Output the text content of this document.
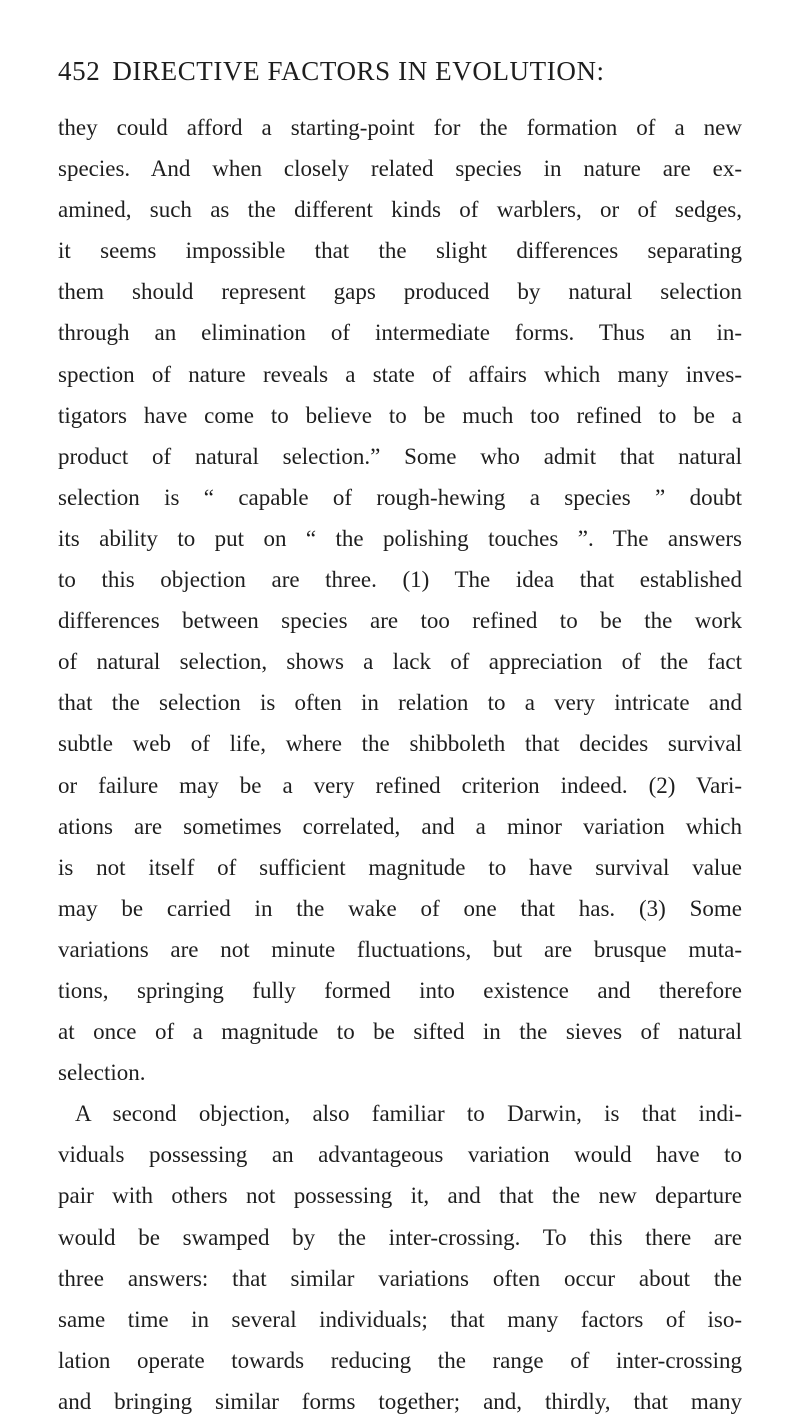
452 DIRECTIVE FACTORS IN EVOLUTION:
they could afford a starting-point for the formation of a new
species. And when closely related species in nature are ex-
amined, such as the different kinds of warblers, or of sedges,
it seems impossible that the slight differences separating
them should represent gaps produced by natural selection
through an elimination of intermediate forms. Thus an in-
spection of nature reveals a state of affairs which many inves-
tigators have come to believe to be much too refined to be a
product of natural selection.” Some who admit that natural
selection is “ capable of rough-hewing a species ” doubt
its ability to put on “ the polishing touches ”. The answers
to this objection are three. (1) The idea that established
differences between species are too refined to be the work
of natural selection, shows a lack of appreciation of the fact
that the selection is often in relation to a very intricate and
subtle web of life, where the shibboleth that decides survival
or failure may be a very refined criterion indeed. (2) Vari-
ations are sometimes correlated, and a minor variation which
is not itself of sufficient magnitude to have survival value
may be carried in the wake of one that has. (3) Some
variations are not minute fluctuations, but are brusque muta-
tions, springing fully formed into existence and therefore
at once of a magnitude to be sifted in the sieves of natural
selection.
A second objection, also familiar to Darwin, is that indi-
viduals possessing an advantageous variation would have to
pair with others not possessing it, and that the new departure
would be swamped by the inter-crossing. To this there are
three answers: that similar variations often occur about the
same time in several individuals; that many factors of iso-
lation operate towards reducing the range of inter-crossing
and bringing similar forms together; and, thirdly, that many
